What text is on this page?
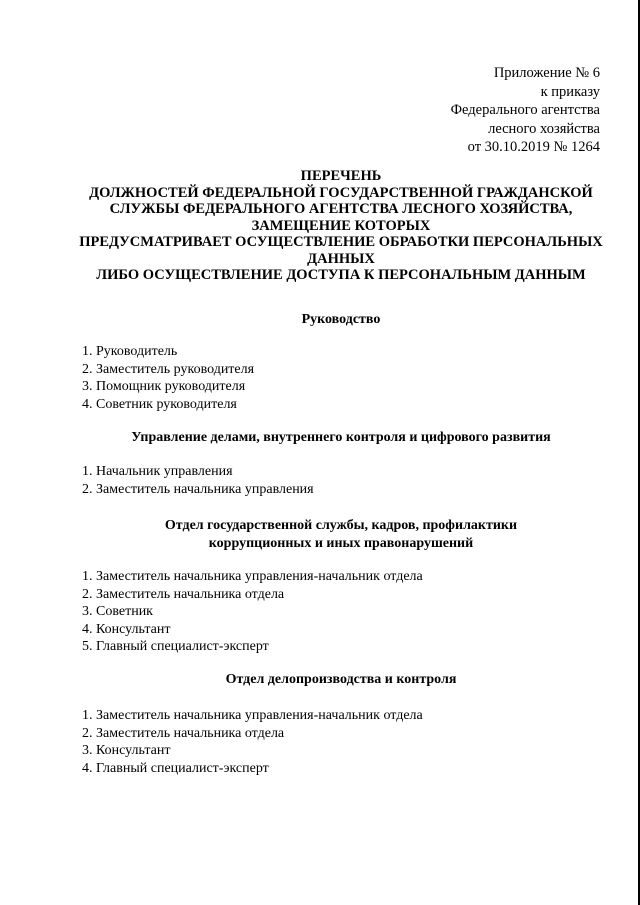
Приложение № 6
к приказу
Федерального агентства
лесного хозяйства
от 30.10.2019 № 1264
ПЕРЕЧЕНЬ
ДОЛЖНОСТЕЙ ФЕДЕРАЛЬНОЙ ГОСУДАРСТВЕННОЙ ГРАЖДАНСКОЙ
СЛУЖБЫ ФЕДЕРАЛЬНОГО АГЕНТСТВА ЛЕСНОГО ХОЗЯЙСТВА,
ЗАМЕЩЕНИЕ КОТОРЫХ
ПРЕДУСМАТРИВАЕТ ОСУЩЕСТВЛЕНИЕ ОБРАБОТКИ ПЕРСОНАЛЬНЫХ
ДАННЫХ
ЛИБО ОСУЩЕСТВЛЕНИЕ ДОСТУПА К ПЕРСОНАЛЬНЫМ ДАННЫМ
Руководство
1. Руководитель
2. Заместитель руководителя
3. Помощник руководителя
4. Советник руководителя
Управление делами, внутреннего контроля и цифрового развития
1. Начальник управления
2. Заместитель начальника управления
Отдел государственной службы, кадров, профилактики
коррупционных и иных правонарушений
1. Заместитель начальника управления-начальник отдела
2. Заместитель начальника отдела
3. Советник
4. Консультант
5. Главный специалист-эксперт
Отдел делопроизводства и контроля
1. Заместитель начальника управления-начальник отдела
2. Заместитель начальника отдела
3. Консультант
4. Главный специалист-эксперт
